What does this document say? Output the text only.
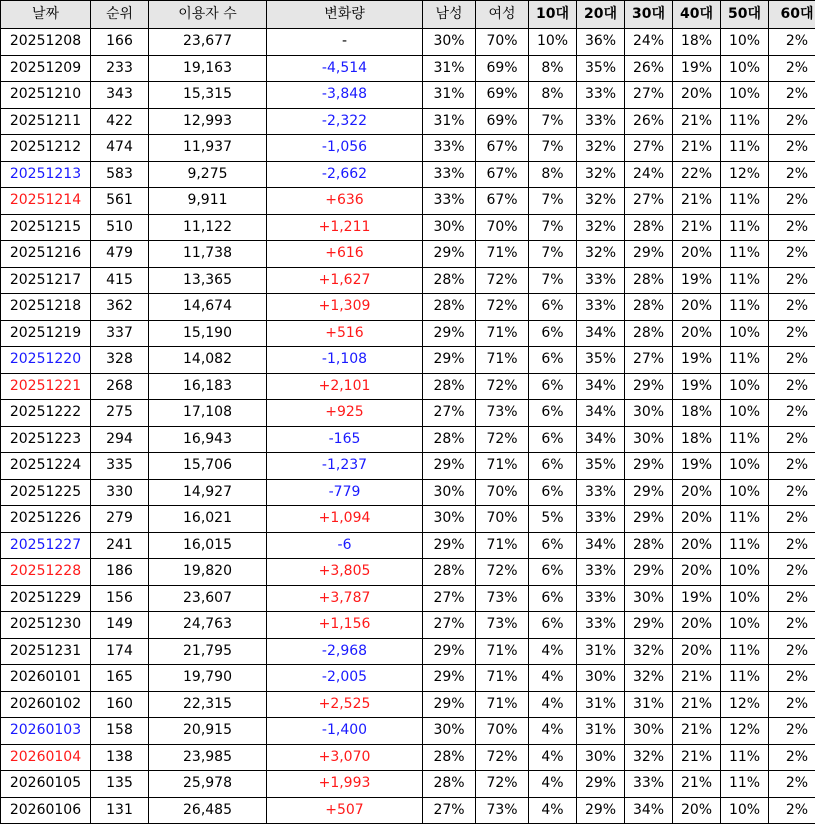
날짜	순위	이용자 수	변화량	남성	여성	10대	20대	30대	40대	50대	60대
20251208	166	23,677	-	30%	70%	10%	36%	24%	18%	10%	2%
20251209	233	19,163	-4,514	31%	69%	8%	35%	26%	19%	10%	2%
20251210	343	15,315	-3,848	31%	69%	8%	33%	27%	20%	10%	2%
20251211	422	12,993	-2,322	31%	69%	7%	33%	26%	21%	11%	2%
20251212	474	11,937	-1,056	33%	67%	7%	32%	27%	21%	11%	2%
20251213	583	9,275	-2,662	33%	67%	8%	32%	24%	22%	12%	2%
20251214	561	9,911	+636	33%	67%	7%	32%	27%	21%	11%	2%
20251215	510	11,122	+1,211	30%	70%	7%	32%	28%	21%	11%	2%
20251216	479	11,738	+616	29%	71%	7%	32%	29%	20%	11%	2%
20251217	415	13,365	+1,627	28%	72%	7%	33%	28%	19%	11%	2%
20251218	362	14,674	+1,309	28%	72%	6%	33%	28%	20%	11%	2%
20251219	337	15,190	+516	29%	71%	6%	34%	28%	20%	10%	2%
20251220	328	14,082	-1,108	29%	71%	6%	35%	27%	19%	11%	2%
20251221	268	16,183	+2,101	28%	72%	6%	34%	29%	19%	10%	2%
20251222	275	17,108	+925	27%	73%	6%	34%	30%	18%	10%	2%
20251223	294	16,943	-165	28%	72%	6%	34%	30%	18%	11%	2%
20251224	335	15,706	-1,237	29%	71%	6%	35%	29%	19%	10%	2%
20251225	330	14,927	-779	30%	70%	6%	33%	29%	20%	10%	2%
20251226	279	16,021	+1,094	30%	70%	5%	33%	29%	20%	11%	2%
20251227	241	16,015	-6	29%	71%	6%	34%	28%	20%	11%	2%
20251228	186	19,820	+3,805	28%	72%	6%	33%	29%	20%	10%	2%
20251229	156	23,607	+3,787	27%	73%	6%	33%	30%	19%	10%	2%
20251230	149	24,763	+1,156	27%	73%	6%	33%	29%	20%	10%	2%
20251231	174	21,795	-2,968	29%	71%	4%	31%	32%	20%	11%	2%
20260101	165	19,790	-2,005	29%	71%	4%	30%	32%	21%	11%	2%
20260102	160	22,315	+2,525	29%	71%	4%	31%	31%	21%	12%	2%
20260103	158	20,915	-1,400	30%	70%	4%	31%	30%	21%	12%	2%
20260104	138	23,985	+3,070	28%	72%	4%	30%	32%	21%	11%	2%
20260105	135	25,978	+1,993	28%	72%	4%	29%	33%	21%	11%	2%
20260106	131	26,485	+507	27%	73%	4%	29%	34%	20%	10%	2%
